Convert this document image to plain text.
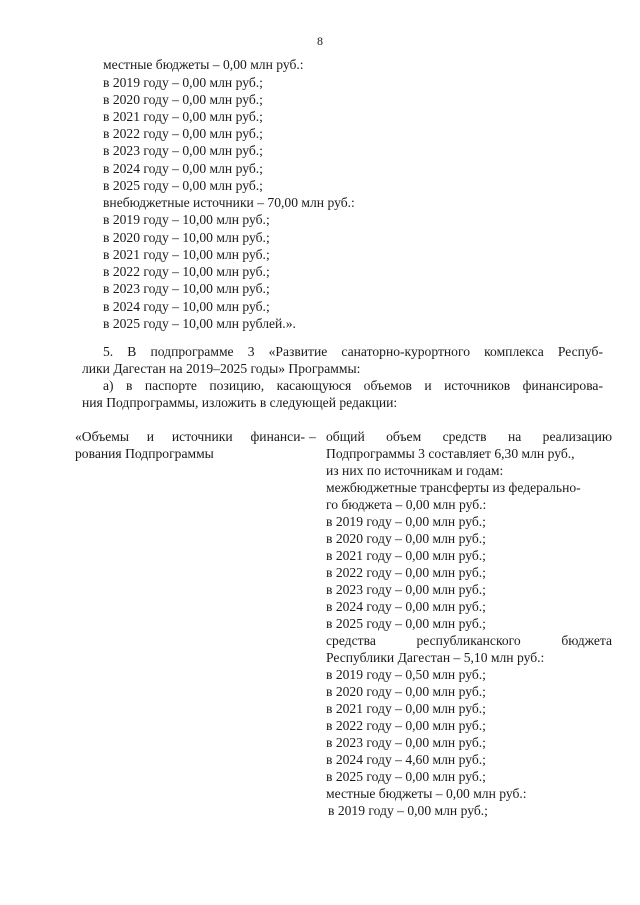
8
местные бюджеты – 0,00 млн руб.:
в 2019 году – 0,00 млн руб.;
в 2020 году – 0,00 млн руб.;
в 2021 году – 0,00 млн руб.;
в 2022 году – 0,00 млн руб.;
в 2023 году – 0,00 млн руб.;
в 2024 году – 0,00 млн руб.;
в 2025 году – 0,00 млн руб.;
внебюджетные источники – 70,00 млн руб.:
в 2019 году – 10,00 млн руб.;
в 2020 году – 10,00 млн руб.;
в 2021 году – 10,00 млн руб.;
в 2022 году – 10,00 млн руб.;
в 2023 году – 10,00 млн руб.;
в 2024 году – 10,00 млн руб.;
в 2025 году – 10,00 млн рублей.».
5. В подпрограмме 3 «Развитие санаторно-курортного комплекса Респуб-
лики Дагестан на 2019–2025 годы» Программы:
а) в паспорте позицию, касающуюся объемов и источников финансирова-
ния Подпрограммы, изложить в следующей редакции:
«Объемы и источники финанси-
рования Подпрограммы
– общий объем средств на реализацию
Подпрограммы 3 составляет 6,30 млн руб.,
из них по источникам и годам:
межбюджетные трансферты из федерально-
го бюджета – 0,00 млн руб.:
в 2019 году – 0,00 млн руб.;
в 2020 году – 0,00 млн руб.;
в 2021 году – 0,00 млн руб.;
в 2022 году – 0,00 млн руб.;
в 2023 году – 0,00 млн руб.;
в 2024 году – 0,00 млн руб.;
в 2025 году – 0,00 млн руб.;
средства республиканского бюджета
Республики Дагестан – 5,10 млн руб.:
в 2019 году – 0,50 млн руб.;
в 2020 году – 0,00 млн руб.;
в 2021 году – 0,00 млн руб.;
в 2022 году – 0,00 млн руб.;
в 2023 году – 0,00 млн руб.;
в 2024 году – 4,60 млн руб.;
в 2025 году – 0,00 млн руб.;
местные бюджеты – 0,00 млн руб.:
в 2019 году – 0,00 млн руб.;
